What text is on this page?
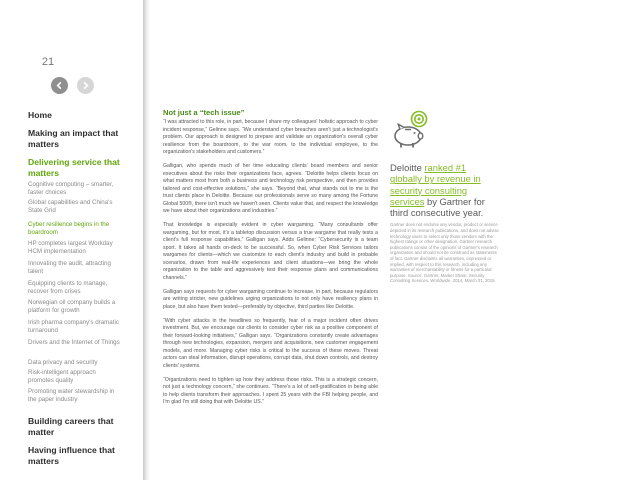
21
Home
Making an impact that matters
Delivering service that matters
Cognitive computing – smarter, faster choices
Global capabilities and China's State Grid
Cyber resilience begins in the boardroom
HP completes largest Workday HCM implementation
Innovating the audit, attracting talent
Equipping clients to manage, recover from crises
Norwegian oil company builds a platform for growth
Irish pharma company's dramatic turnaround
Drivers and the Internet of Things
Data privacy and security
Risk-intelligent approach promotes quality
Promoting water stewardship in the paper industry
Building careers that matter
Having influence that matters
Not just a “tech issue”

“I was attracted to this role, in part, because I share my colleagues' holistic approach to cyber incident response,” Gelinne says. “We understand cyber breaches aren't just a technologist's problem. Our approach is designed to prepare and validate an organization's overall cyber resilience from the boardroom, to the war room, to the individual employee, to the organization's stakeholders and customers.”

Galligan, who spends much of her time educating clients' board members and senior executives about the risks their organizations face, agrees. “Deloitte helps clients focus on what matters most from both a business and technology risk perspective, and then provides tailored and cost-effective solutions,” she says. “Beyond that, what stands out to me is the trust clients place in Deloitte. Because our professionals serve so many among the Fortune Global 500®, there isn't much we haven't seen. Clients value that, and respect the knowledge we have about their organizations and industries.”

That knowledge is especially evident in cyber wargaming. “Many consultants offer wargaming, but for most, it's a tabletop discussion versus a true wargame that really tests a client's full response capabilities,” Galligan says. Adds Gelinne: “Cybersecurity is a team sport. It takes all hands on-deck to be successful. So, when Cyber Risk Services tailors wargames for clients—which we customize to each client's industry and build in probable scenarios, drawn from real-life experiences and client situations—we bring the whole organization to the table and aggressively test their response plans and communications channels.”

Galligan says requests for cyber wargaming continue to increase, in part, because regulators are writing stricter, new guidelines urging organizations to not only have resiliency plans in place, but also have them tested—preferably by objective, third parties like Deloitte.

“With cyber attacks in the headlines so frequently, fear of a major incident often drives investment. But, we encourage our clients to consider cyber risk as a positive component of their forward-looking initiatives,” Galligan says. “Organizations constantly create advantages through new technologies, expansion, mergers and acquisitions, new customer engagement models, and more. Managing cyber risks is critical to the success of these moves. Threat actors can steal information, disrupt operations, corrupt data, shut down controls, and destroy clients' systems.

“Organizations need to tighten up how they address those risks. This is a strategic concern, not just a technology concern,” she continues. “There's a lot of self-gratification in being able to help clients transform their approaches. I spent 25 years with the FBI helping people, and I'm glad I'm still doing that with Deloitte US.”

Deloitte ranked #1 globally by revenue in security consulting services by Gartner for third consecutive year.
Gartner does not endorse any vendor, product or service depicted in its research publications, and does not advise technology users to select only those vendors with the highest ratings or other designation. Gartner research publications consist of the opinions of Gartner's research organization and should not be construed as statements of fact. Gartner disclaims all warranties, expressed or implied, with respect to this research, including any warranties of merchantability or fitness for a particular purpose. Source: Gartner, Market Share: Security Consulting Services, Worldwide, 2014, March 31, 2015.
